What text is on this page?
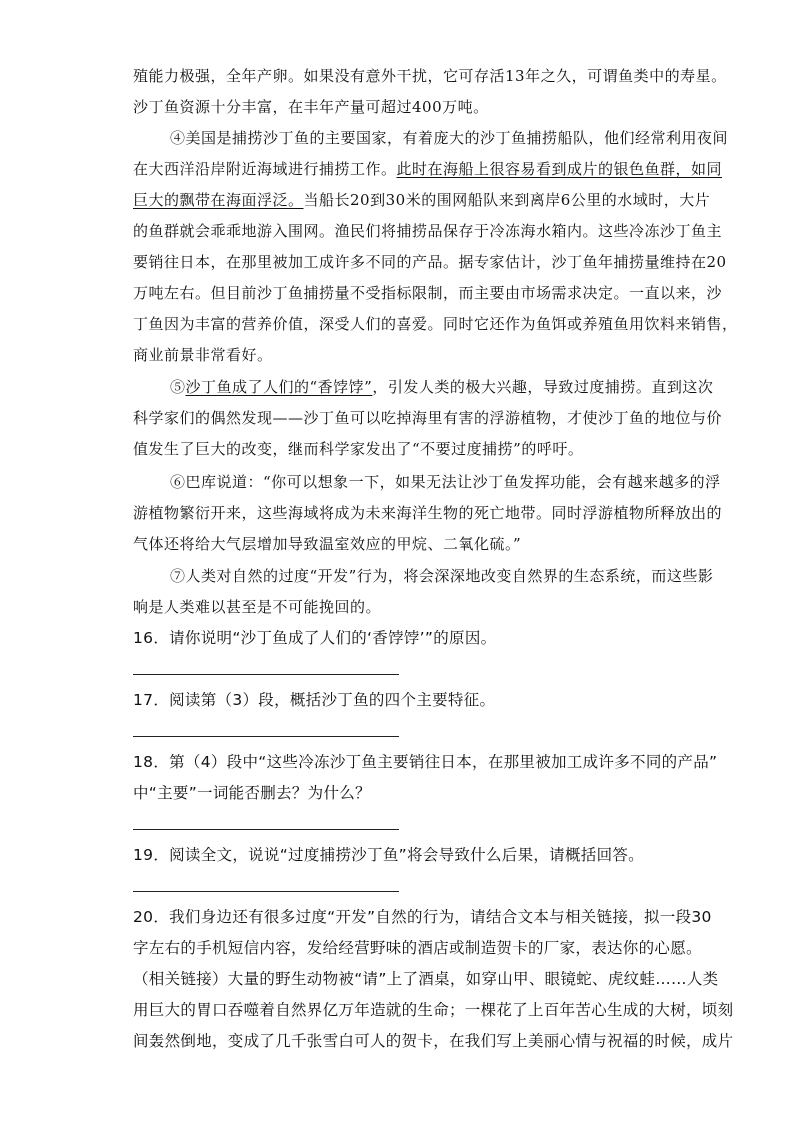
殖能力极强，全年产卵。如果没有意外干扰，它可存活13年之久，可谓鱼类中的寿星。
沙丁鱼资源十分丰富，在丰年产量可超过400万吨。
④美国是捕捞沙丁鱼的主要国家，有着庞大的沙丁鱼捕捞船队，他们经常利用夜间
在大西洋沿岸附近海域进行捕捞工作。此时在海船上很容易看到成片的银色鱼群，如同
巨大的飘带在海面浮泛。当船长20到30米的围网船队来到离岸6公里的水域时，大片
的鱼群就会乖乖地游入围网。渔民们将捕捞品保存于冷冻海水箱内。这些冷冻沙丁鱼主
要销往日本，在那里被加工成许多不同的产品。据专家估计，沙丁鱼年捕捞量维持在20
万吨左右。但目前沙丁鱼捕捞量不受指标限制，而主要由市场需求决定。一直以来，沙
丁鱼因为丰富的营养价值，深受人们的喜爱。同时它还作为鱼饵或养殖鱼用饮料来销售，
商业前景非常看好。
⑤沙丁鱼成了人们的“香饽饽”，引发人类的极大兴趣，导致过度捕捞。直到这次
科学家们的偶然发现——沙丁鱼可以吃掉海里有害的浮游植物，才使沙丁鱼的地位与价
值发生了巨大的改变，继而科学家发出了“不要过度捕捞”的呼吁。
⑥巴库说道：“你可以想象一下，如果无法让沙丁鱼发挥功能，会有越来越多的浮
游植物繁衍开来，这些海域将成为未来海洋生物的死亡地带。同时浮游植物所释放出的
气体还将给大气层增加导致温室效应的甲烷、二氧化硫。”
⑦人类对自然的过度“开发”行为，将会深深地改变自然界的生态系统，而这些影
响是人类难以甚至是不可能挽回的。
16．请你说明“沙丁鱼成了人们的‘香饽饽’”的原因。
17．阅读第（3）段，概括沙丁鱼的四个主要特征。
18．第（4）段中“这些冷冻沙丁鱼主要销往日本，在那里被加工成许多不同的产品”
中“主要”一词能否删去？为什么？
19．阅读全文，说说“过度捕捞沙丁鱼”将会导致什么后果，请概括回答。
20．我们身边还有很多过度“开发”自然的行为，请结合文本与相关链接，拟一段30
字左右的手机短信内容，发给经营野味的酒店或制造贺卡的厂家，表达你的心愿。
（相关链接）大量的野生动物被“请”上了酒桌，如穿山甲、眼镜蛇、虎纹蛙……人类
用巨大的胃口吞噬着自然界亿万年造就的生命；一棵花了上百年苦心生成的大树，顷刻
间轰然倒地，变成了几千张雪白可人的贺卡，在我们写上美丽心情与祝福的时候，成片
